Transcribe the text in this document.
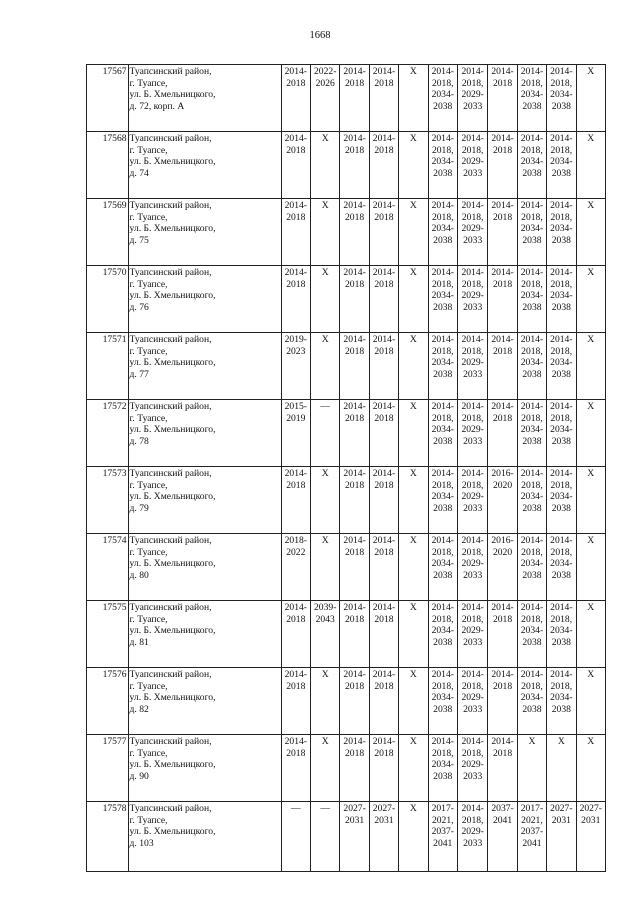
1668
17567	Туапсинский район,
г. Туапсе,
ул. Б. Хмельницкого,
д. 72, корп. А	2014-
2018	2022-
2026	2014-
2018	2014-
2018	X	2014-
2018,
2034-
2038	2014-
2018,
2029-
2033	2014-
2018	2014-
2018,
2034-
2038	2014-
2018,
2034-
2038	X

17568	Туапсинский район,
г. Туапсе,
ул. Б. Хмельницкого,
д. 74	2014-
2018	X	2014-
2018	2014-
2018	X	2014-
2018,
2034-
2038	2014-
2018,
2029-
2033	2014-
2018	2014-
2018,
2034-
2038	2014-
2018,
2034-
2038	X

17569	Туапсинский район,
г. Туапсе,
ул. Б. Хмельницкого,
д. 75	2014-
2018	X	2014-
2018	2014-
2018	X	2014-
2018,
2034-
2038	2014-
2018,
2029-
2033	2014-
2018	2014-
2018,
2034-
2038	2014-
2018,
2034-
2038	X

17570	Туапсинский район,
г. Туапсе,
ул. Б. Хмельницкого,
д. 76	2014-
2018	X	2014-
2018	2014-
2018	X	2014-
2018,
2034-
2038	2014-
2018,
2029-
2033	2014-
2018	2014-
2018,
2034-
2038	2014-
2018,
2034-
2038	X

17571	Туапсинский район,
г. Туапсе,
ул. Б. Хмельницкого,
д. 77	2019-
2023	X	2014-
2018	2014-
2018	X	2014-
2018,
2034-
2038	2014-
2018,
2029-
2033	2014-
2018	2014-
2018,
2034-
2038	2014-
2018,
2034-
2038	X

17572	Туапсинский район,
г. Туапсе,
ул. Б. Хмельницкого,
д. 78	2015-
2019	—	2014-
2018	2014-
2018	X	2014-
2018,
2034-
2038	2014-
2018,
2029-
2033	2014-
2018	2014-
2018,
2034-
2038	2014-
2018,
2034-
2038	X

17573	Туапсинский район,
г. Туапсе,
ул. Б. Хмельницкого,
д. 79	2014-
2018	X	2014-
2018	2014-
2018	X	2014-
2018,
2034-
2038	2014-
2018,
2029-
2033	2016-
2020	2014-
2018,
2034-
2038	2014-
2018,
2034-
2038	X

17574	Туапсинский район,
г. Туапсе,
ул. Б. Хмельницкого,
д. 80	2018-
2022	X	2014-
2018	2014-
2018	X	2014-
2018,
2034-
2038	2014-
2018,
2029-
2033	2016-
2020	2014-
2018,
2034-
2038	2014-
2018,
2034-
2038	X

17575	Туапсинский район,
г. Туапсе,
ул. Б. Хмельницкого,
д. 81	2014-
2018	2039-
2043	2014-
2018	2014-
2018	X	2014-
2018,
2034-
2038	2014-
2018,
2029-
2033	2014-
2018	2014-
2018,
2034-
2038	2014-
2018,
2034-
2038	X

17576	Туапсинский район,
г. Туапсе,
ул. Б. Хмельницкого,
д. 82	2014-
2018	X	2014-
2018	2014-
2018	X	2014-
2018,
2034-
2038	2014-
2018,
2029-
2033	2014-
2018	2014-
2018,
2034-
2038	2014-
2018,
2034-
2038	X

17577	Туапсинский район,
г. Туапсе,
ул. Б. Хмельницкого,
д. 90	2014-
2018	X	2014-
2018	2014-
2018	X	2014-
2018,
2034-
2038	2014-
2018,
2029-
2033	2014-
2018	X	X	X

17578	Туапсинский район,
г. Туапсе,
ул. Б. Хмельницкого,
д. 103	—	—	2027-
2031	2027-
2031	X	2017-
2021,
2037-
2041	2014-
2018,
2029-
2033	2037-
2041	2017-
2021,
2037-
2041	2027-
2031	2027-
2031
